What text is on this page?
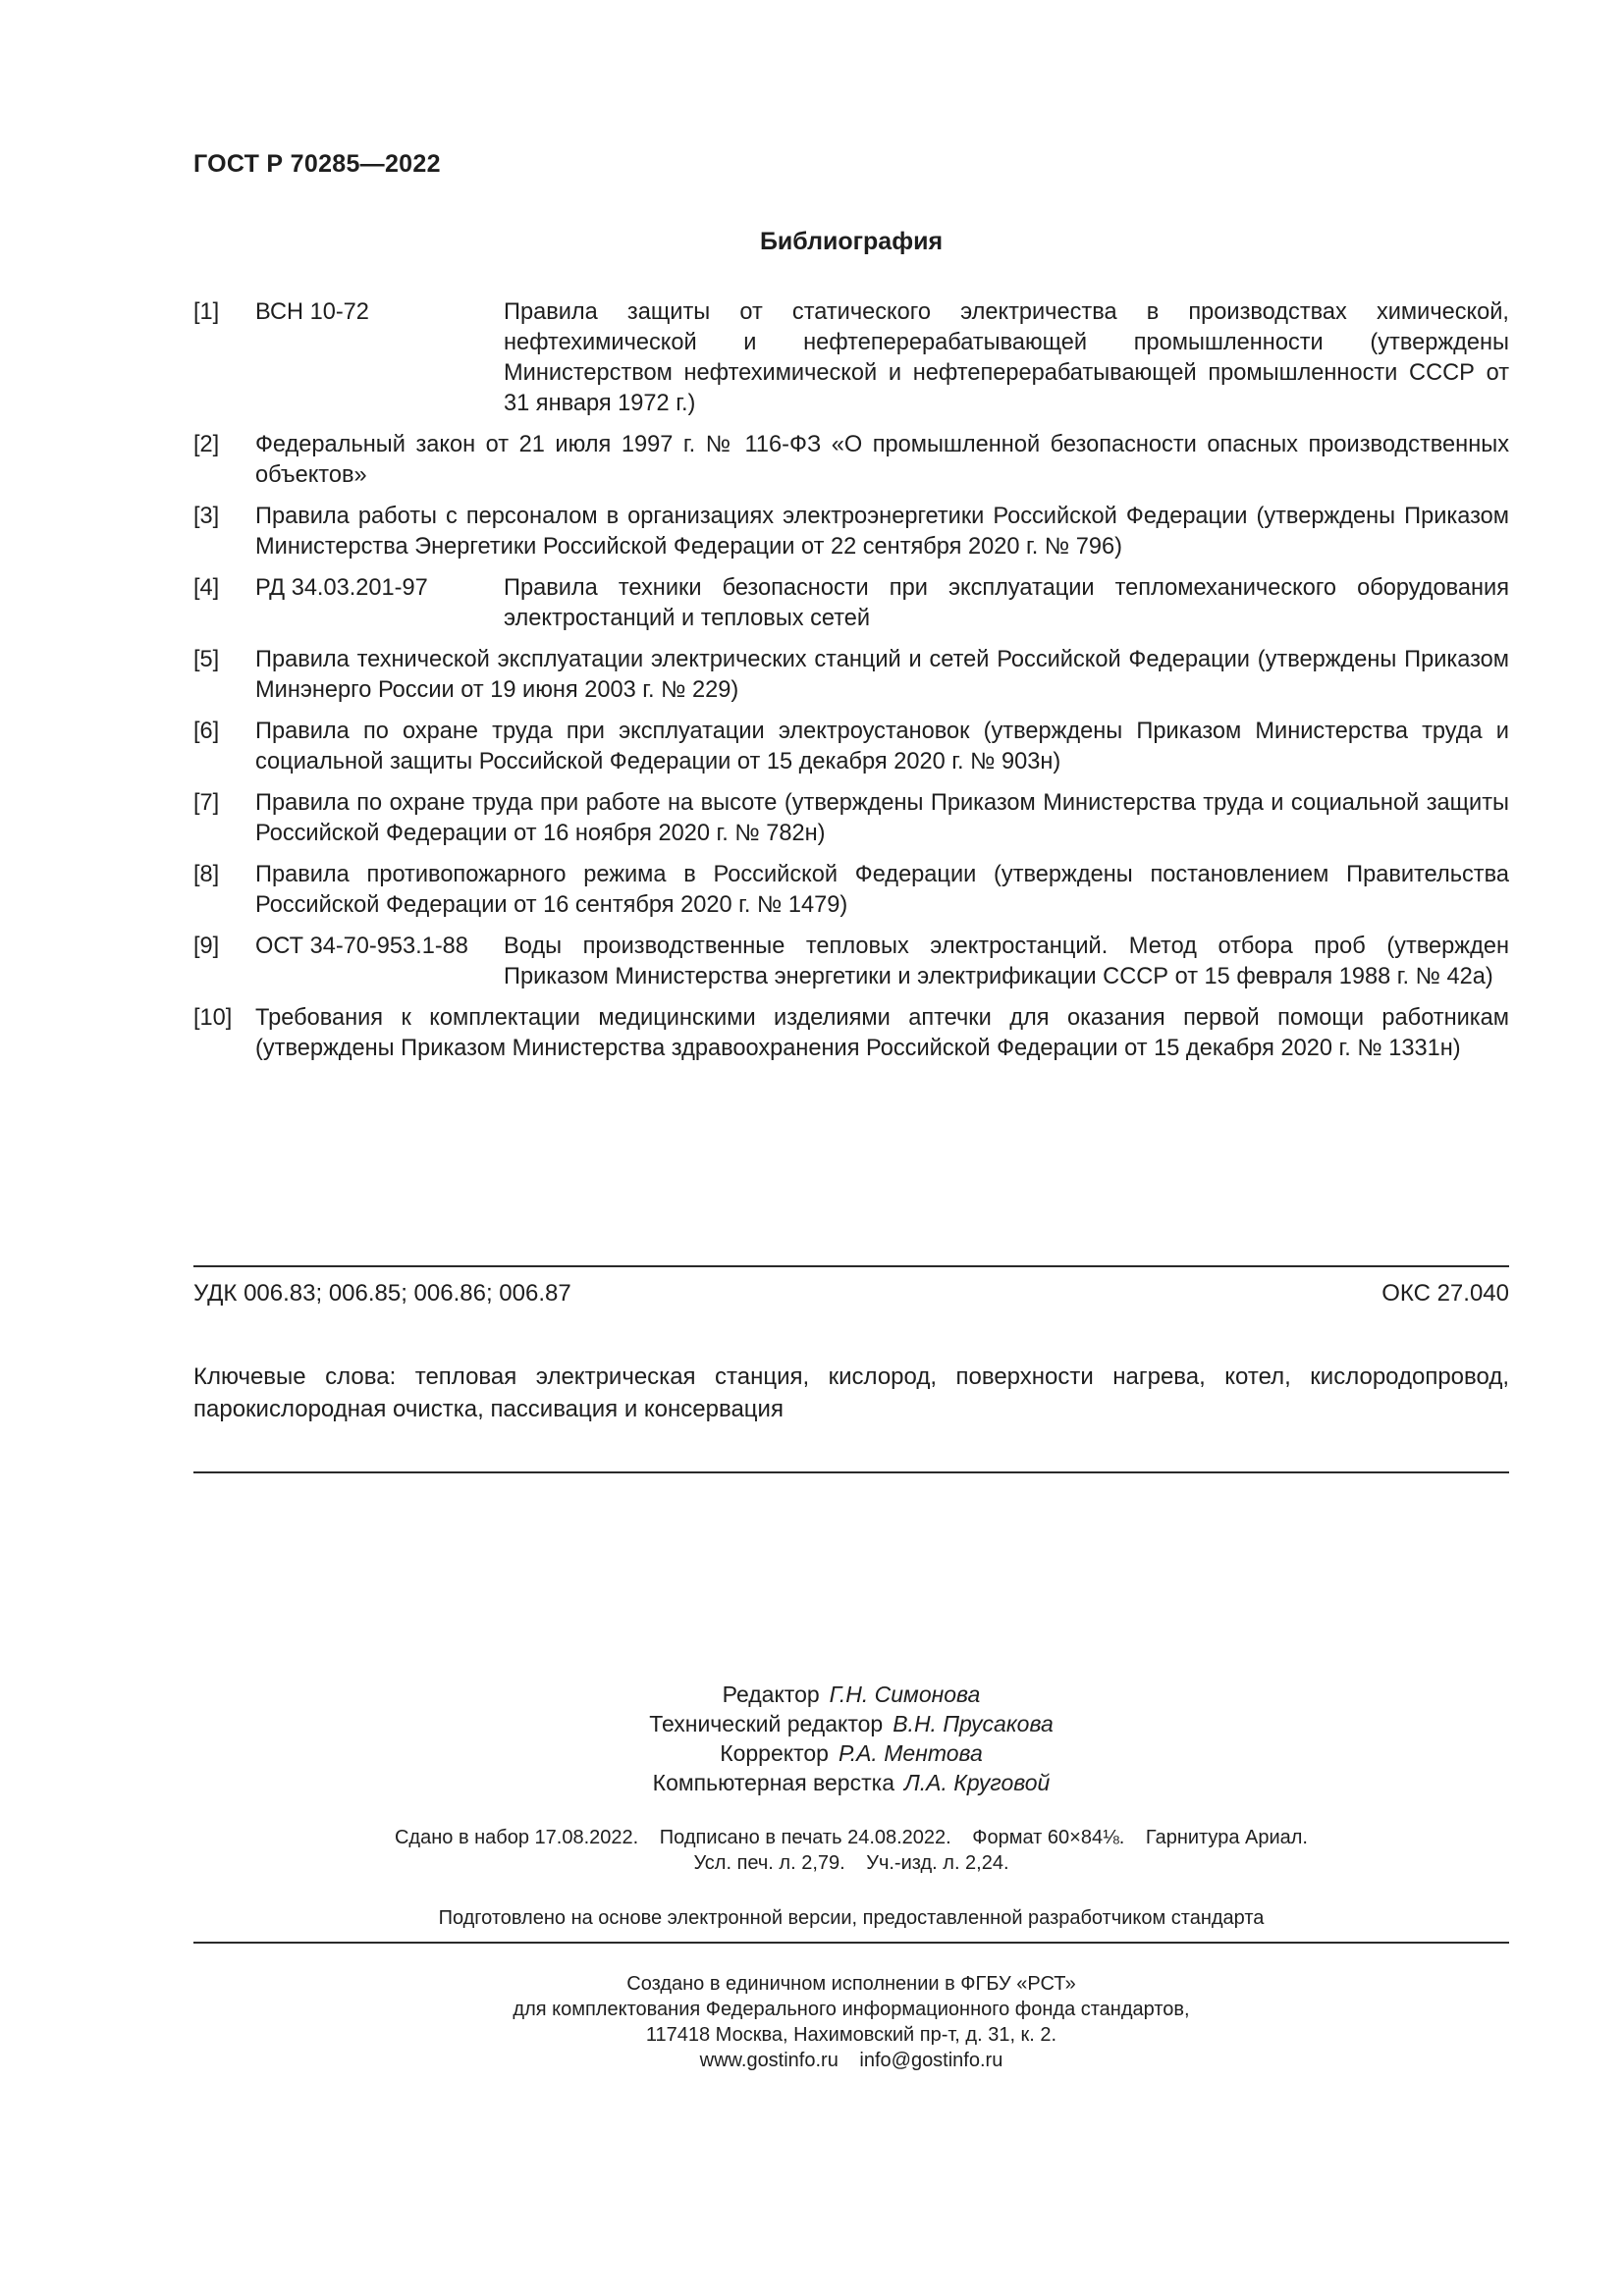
ГОСТ Р 70285—2022
Библиография
[1] ВСН 10-72	Правила защиты от статического электричества в производствах химической, нефтехимической и нефтеперерабатывающей промышленности (утверждены Министерством нефтехимической и нефтеперерабатывающей промышленности СССР от 31 января 1972 г.)
[2] Федеральный закон от 21 июля 1997 г. № 116-ФЗ «О промышленной безопасности опасных производственных объектов»
[3] Правила работы с персоналом в организациях электроэнергетики Российской Федерации (утверждены Приказом Министерства Энергетики Российской Федерации от 22 сентября 2020 г. № 796)
[4] РД 34.03.201-97	Правила техники безопасности при эксплуатации тепломеханического оборудования электростанций и тепловых сетей
[5] Правила технической эксплуатации электрических станций и сетей Российской Федерации (утверждены Приказом Минэнерго России от 19 июня 2003 г. № 229)
[6] Правила по охране труда при эксплуатации электроустановок (утверждены Приказом Министерства труда и социальной защиты Российской Федерации от 15 декабря 2020 г. № 903н)
[7] Правила по охране труда при работе на высоте (утверждены Приказом Министерства труда и социальной защиты Российской Федерации от 16 ноября 2020 г. № 782н)
[8] Правила противопожарного режима в Российской Федерации (утверждены постановлением Правительства Российской Федерации от 16 сентября 2020 г. № 1479)
[9] ОСТ 34-70-953.1-88 Воды производственные тепловых электростанций. Метод отбора проб (утвержден Приказом Министерства энергетики и электрификации СССР от 15 февраля 1988 г. № 42а)
[10] Требования к комплектации медицинскими изделиями аптечки для оказания первой помощи работникам (утверждены Приказом Министерства здравоохранения Российской Федерации от 15 декабря 2020 г. № 1331н)
УДК 006.83; 006.85; 006.86; 006.87	ОКС 27.040
Ключевые слова: тепловая электрическая станция, кислород, поверхности нагрева, котел, кислородопровод, парокислородная очистка, пассивация и консервация
Редактор Г.Н. Симонова
Технический редактор В.Н. Прусакова
Корректор Р.А. Ментова
Компьютерная верстка Л.А. Круговой
Сдано в набор 17.08.2022. Подписано в печать 24.08.2022. Формат 60×84⅛. Гарнитура Ариал.
Усл. печ. л. 2,79. Уч.-изд. л. 2,24.
Подготовлено на основе электронной версии, предоставленной разработчиком стандарта
Создано в единичном исполнении в ФГБУ «РСТ»
для комплектования Федерального информационного фонда стандартов,
117418 Москва, Нахимовский пр-т, д. 31, к. 2.
www.gostinfo.ru info@gostinfo.ru
